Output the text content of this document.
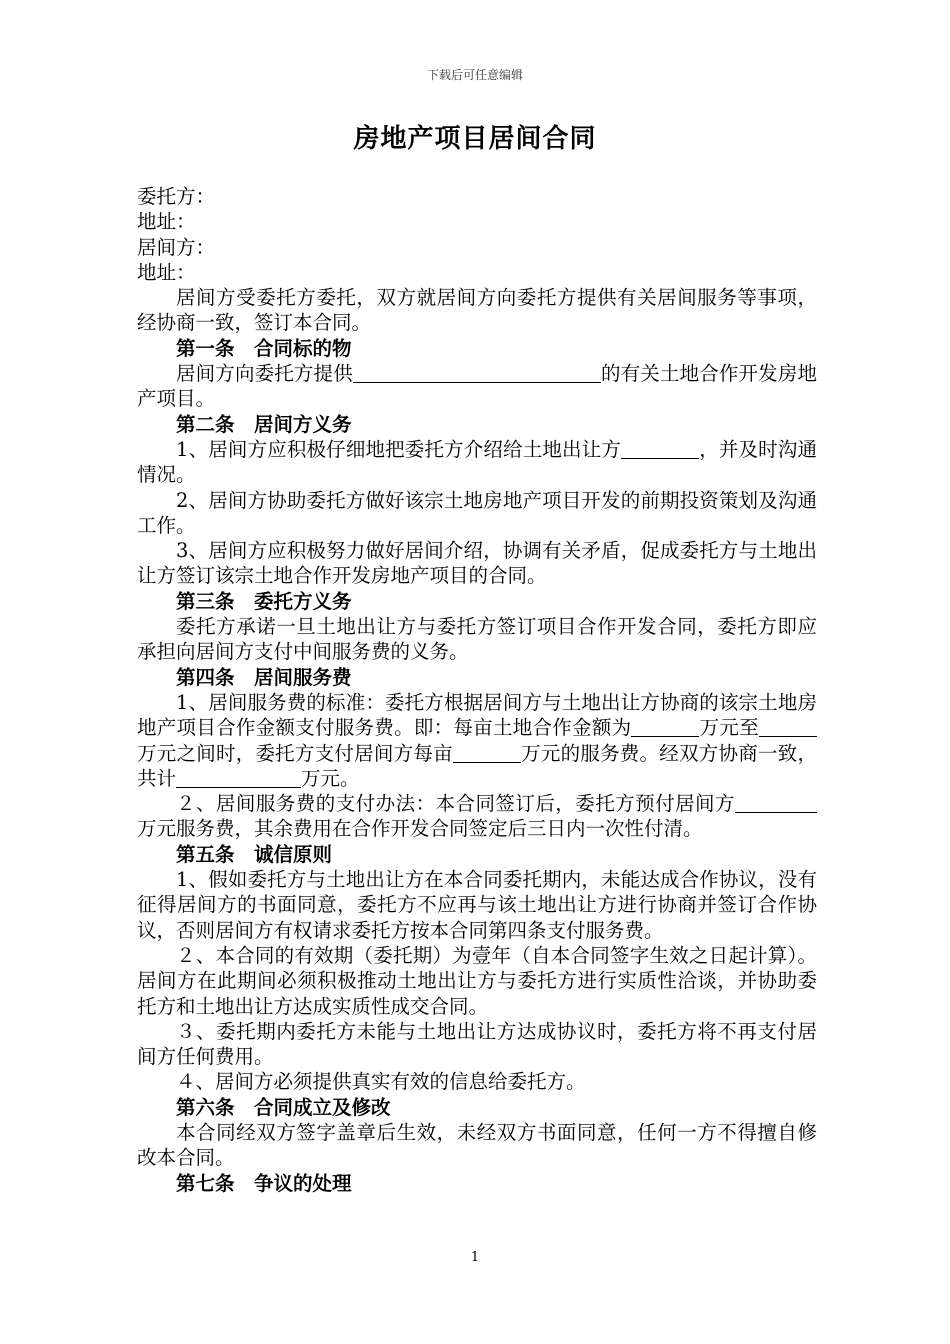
下载后可任意编辑
房地产项目居间合同

委托方：

地址：

居间方：

地址：

居间方受委托方委托，双方就居间方向委托方提供有关居间服务等事项，经协商一致，签订本合同。

第一条　合同标的物

居间方向委托方提供	的有关土地合作开发房地产项目。

第二条　居间方义务

1、居间方应积极仔细地把委托方介绍给土地出让方	，并及时沟通情况。

2、居间方协助委托方做好该宗土地房地产项目开发的前期投资策划及沟通工作。

3、居间方应积极努力做好居间介绍，协调有关矛盾，促成委托方与土地出让方签订该宗土地合作开发房地产项目的合同。

第三条　委托方义务

委托方承诺一旦土地出让方与委托方签订项目合作开发合同，委托方即应承担向居间方支付中间服务费的义务。

第四条　居间服务费

1、居间服务费的标准：委托方根据居间方与土地出让方协商的该宗土地房地产项目合作金额支付服务费。即：每亩土地合作金额为	万元至万元之间时，委托方支付居间方每亩	万元的服务费。经双方协商一致，共计	万元。

２、居间服务费的支付办法：本合同签订后，委托方预付居间方万元服务费，其余费用在合作开发合同签定后三日内一次性付清。

第五条　诚信原则

1、假如委托方与土地出让方在本合同委托期内，未能达成合作协议，没有征得居间方的书面同意，委托方不应再与该土地出让方进行协商并签订合作协议，否则居间方有权请求委托方按本合同第四条支付服务费。

２、本合同的有效期（委托期）为壹年（自本合同签字生效之日起计算）。居间方在此期间必须积极推动土地出让方与委托方进行实质性洽谈，并协助委托方和土地出让方达成实质性成交合同。

３、委托期内委托方未能与土地出让方达成协议时，委托方将不再支付居间方任何费用。

４、居间方必须提供真实有效的信息给委托方。

第六条　合同成立及修改

本合同经双方签字盖章后生效，未经双方书面同意，任何一方不得擅自修改本合同。

第七条　争议的处理

1
